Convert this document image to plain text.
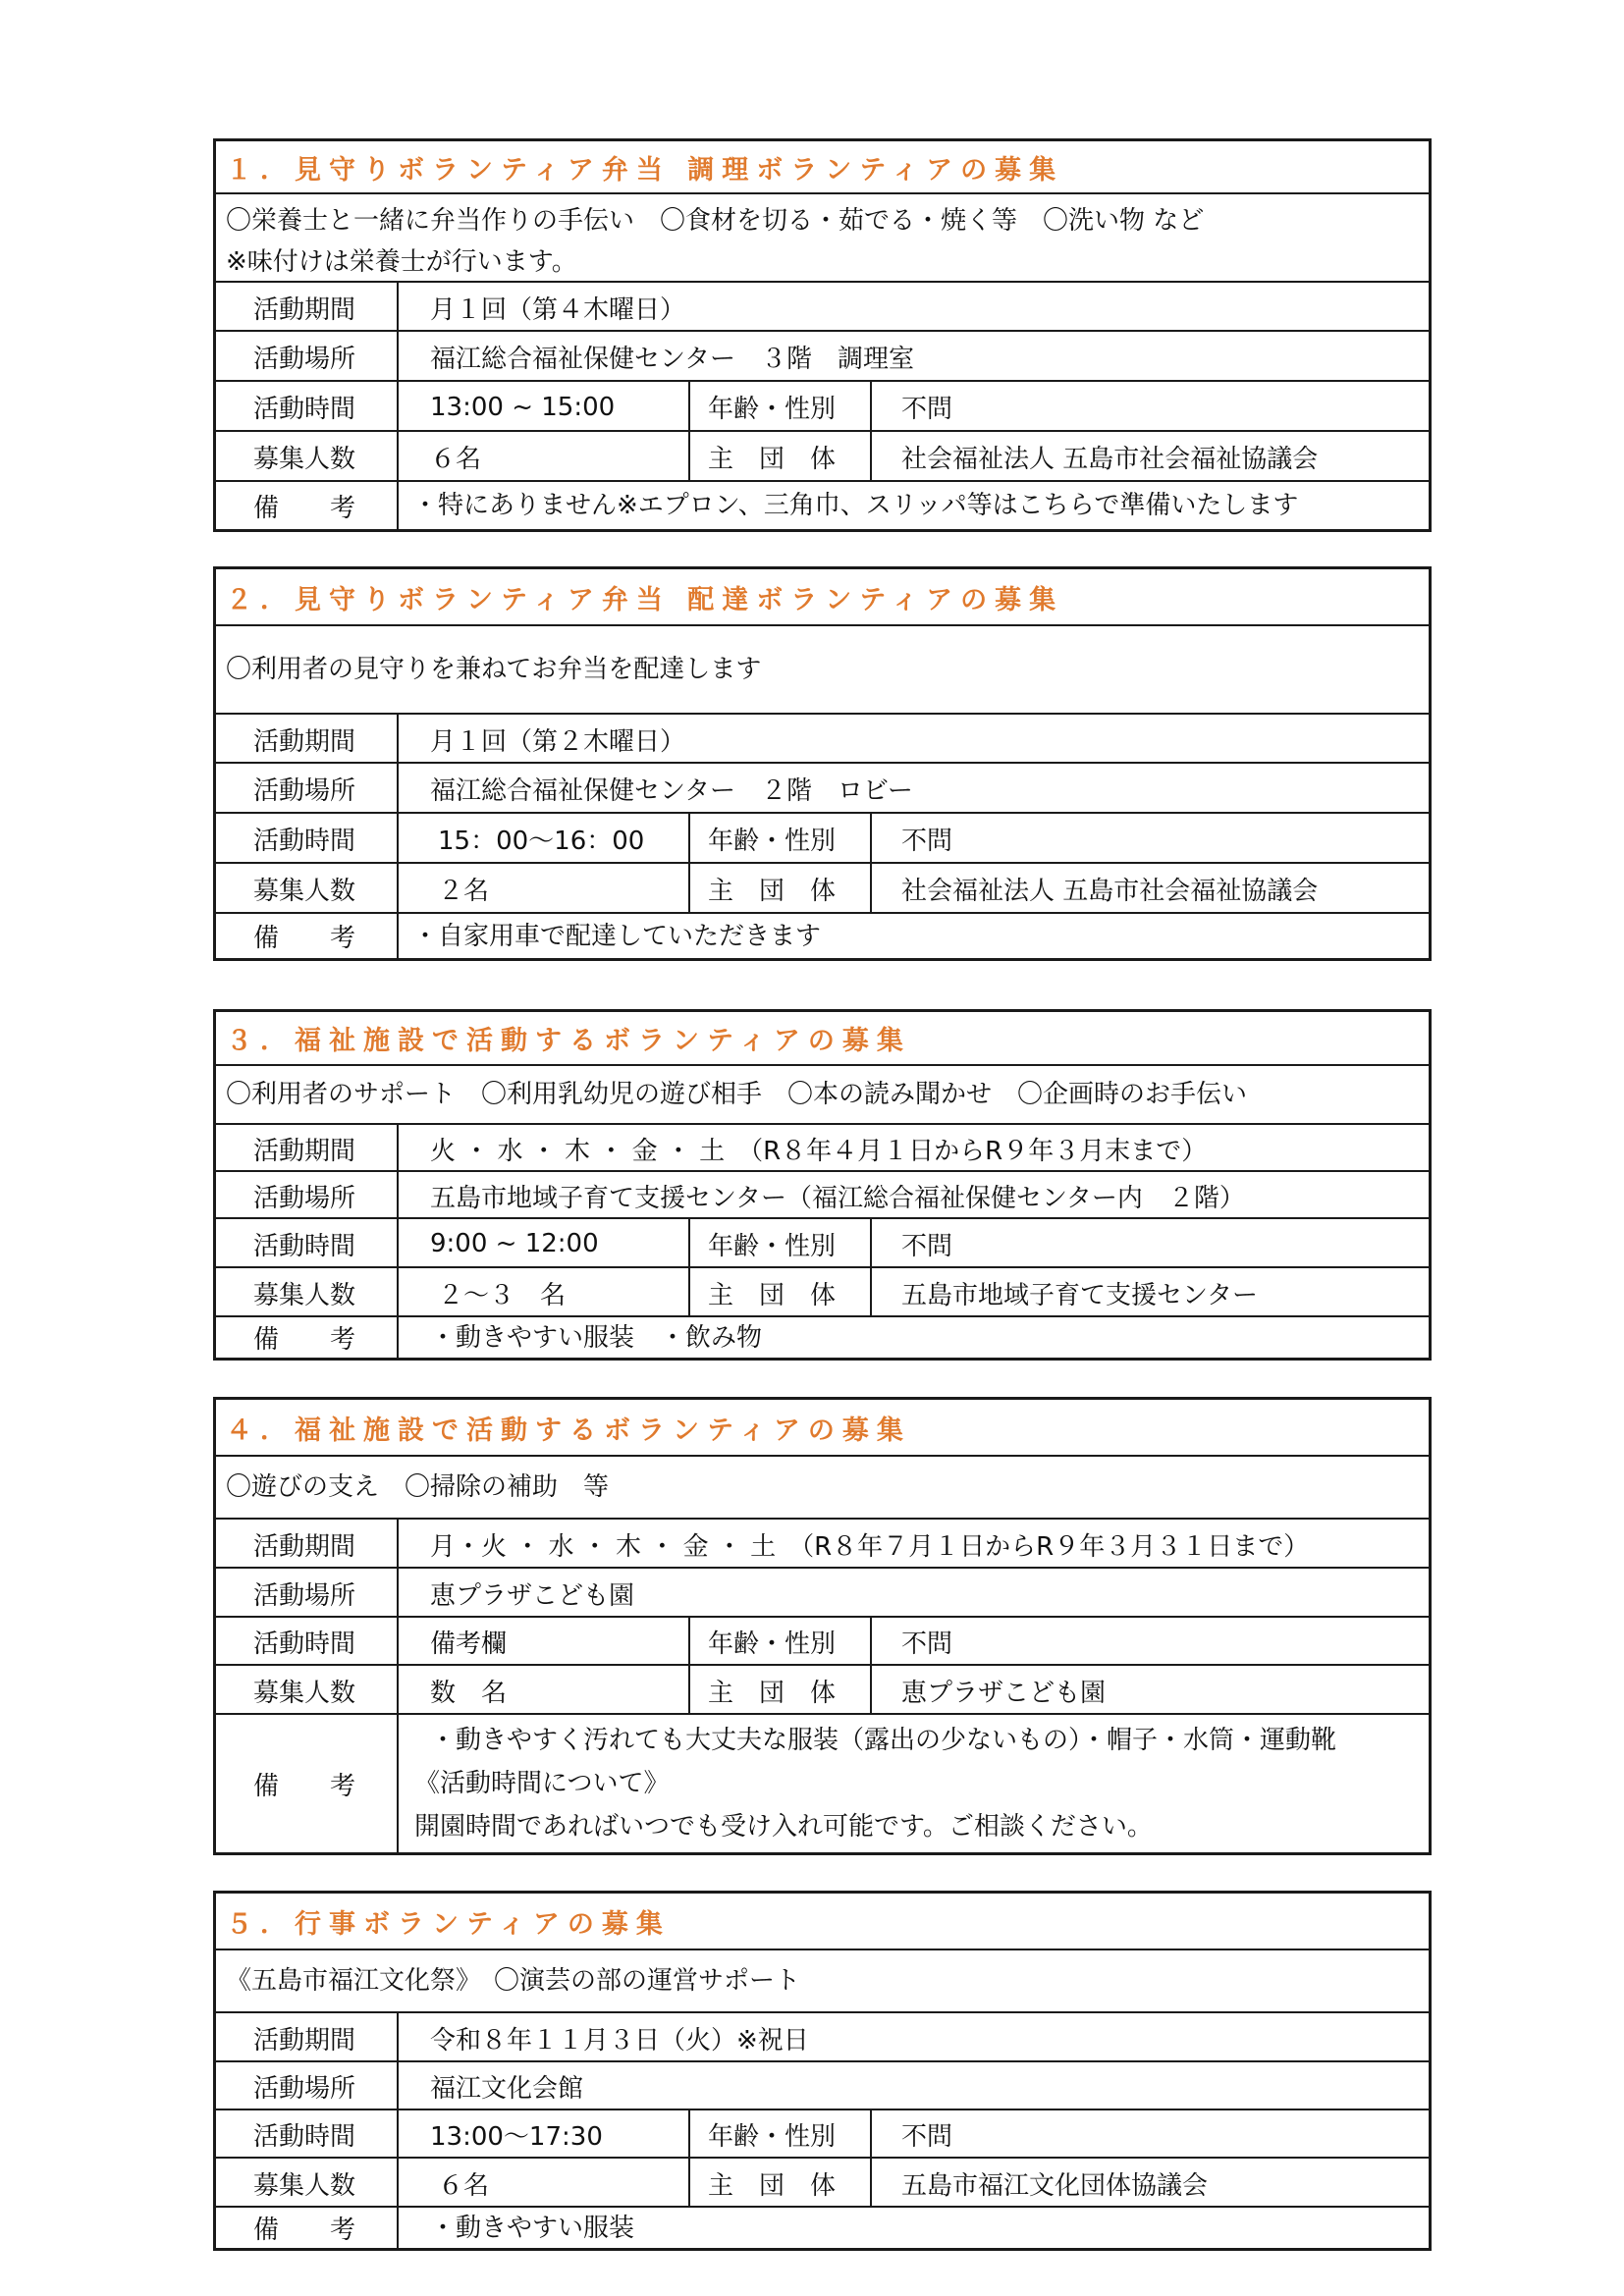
１．見守りボランティア弁当 調理ボランティアの募集
〇栄養士と一緒に弁当作りの手伝い　〇食材を切る・茹でる・焼く等　〇洗い物 など
※味付けは栄養士が行います。
活動期間	月１回（第４木曜日）
活動場所	福江総合福祉保健センター　３階　調理室
活動時間	13:00 ~ 15:00	年齢・性別	不問
募集人数	６名	主　団　体	社会福祉法人 五島市社会福祉協議会
備　　考	・特にありません※エプロン、三角巾、スリッパ等はこちらで準備いたします
２．見守りボランティア弁当 配達ボランティアの募集
〇利用者の見守りを兼ねてお弁当を配達します
活動期間	月１回（第２木曜日）
活動場所	福江総合福祉保健センター　２階　ロビー
活動時間	15：00～16：00	年齢・性別	不問
募集人数	２名	主　団　体	社会福祉法人 五島市社会福祉協議会
備　　考	・自家用車で配達していただきます
３．福祉施設で活動するボランティアの募集
〇利用者のサポート　〇利用乳幼児の遊び相手　〇本の読み聞かせ　〇企画時のお手伝い
活動期間	火 ・ 水 ・ 木 ・ 金 ・ 土　（R８年４月１日からR９年３月末まで）
活動場所	五島市地域子育て支援センター（福江総合福祉保健センター内　２階）
活動時間	9:00 ~ 12:00	年齢・性別	不問
募集人数	２～３　名	主　団　体	五島市地域子育て支援センター
備　　考	・動きやすい服装　・飲み物
４．福祉施設で活動するボランティアの募集
〇遊びの支え　〇掃除の補助　等
活動期間	月・火 ・ 水 ・ 木 ・ 金 ・ 土　（R８年７月１日からR９年３月３１日まで）
活動場所	恵プラザこども園
活動時間	備考欄	年齢・性別	不問
募集人数	数　名	主　団　体	恵プラザこども園
備　　考
・動きやすく汚れても大丈夫な服装（露出の少ないもの）・帽子・水筒・運動靴
《活動時間について》
開園時間であればいつでも受け入れ可能です。ご相談ください。
５．行事ボランティアの募集
《五島市福江文化祭》　〇演芸の部の運営サポート
活動期間	令和８年１１月３日（火）※祝日
活動場所	福江文化会館
活動時間	13:00～17:30	年齢・性別	不問
募集人数	６名	主　団　体	五島市福江文化団体協議会
備　　考	・動きやすい服装
